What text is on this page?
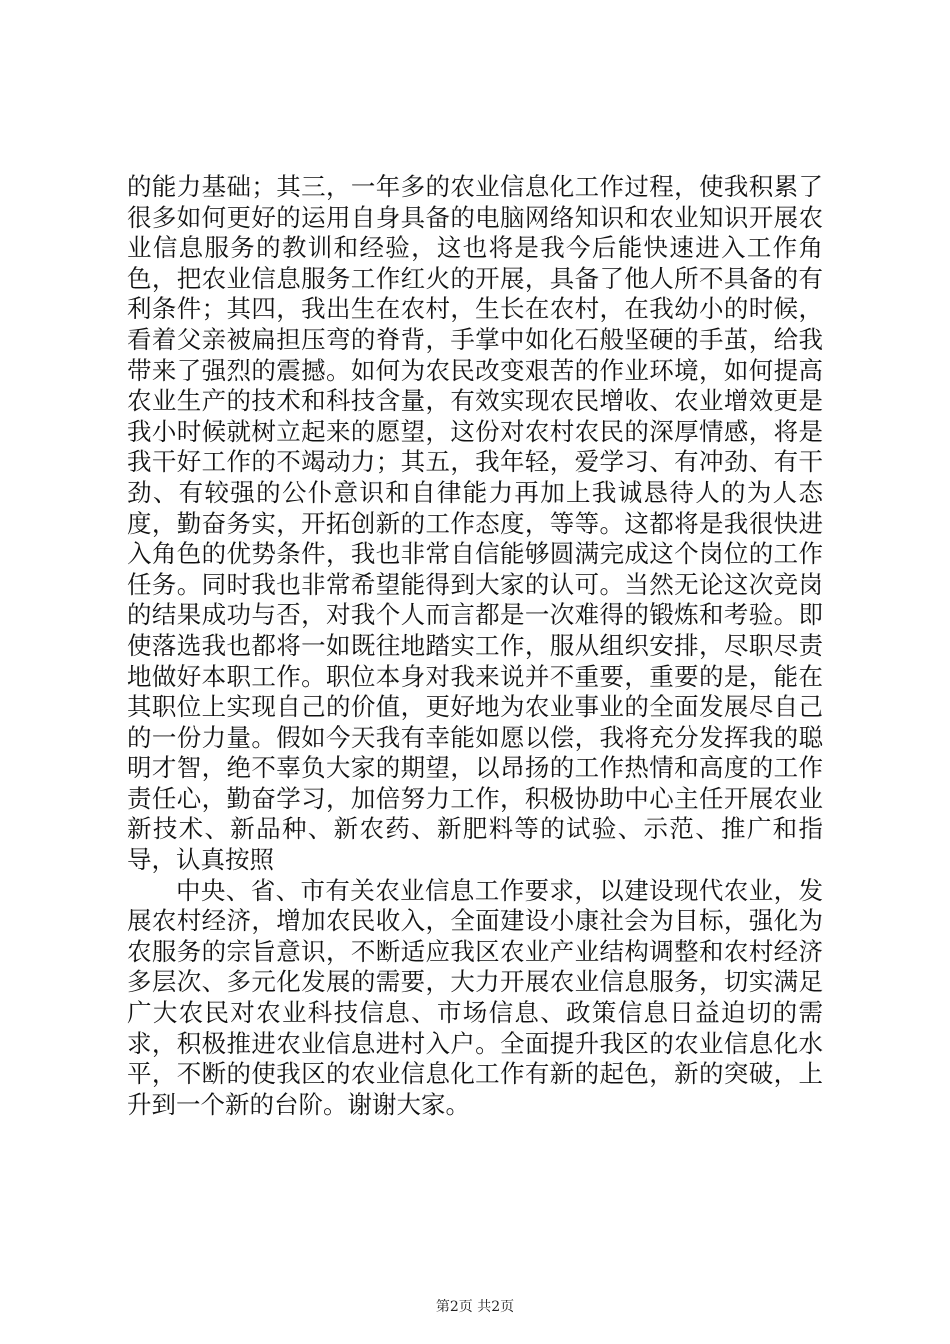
的能力基础；其三，一年多的农业信息化工作过程，使我积累了很多如何更好的运用自身具备的电脑网络知识和农业知识开展农业信息服务的教训和经验，这也将是我今后能快速进入工作角色，把农业信息服务工作红火的开展，具备了他人所不具备的有利条件；其四，我出生在农村，生长在农村，在我幼小的时候，看着父亲被扁担压弯的脊背，手掌中如化石般坚硬的手茧，给我带来了强烈的震撼。如何为农民改变艰苦的作业环境，如何提高农业生产的技术和科技含量，有效实现农民增收、农业增效更是我小时候就树立起来的愿望，这份对农村农民的深厚情感，将是我干好工作的不竭动力；其五，我年轻，爱学习、有冲劲、有干劲、有较强的公仆意识和自律能力再加上我诚恳待人的为人态度，勤奋务实，开拓创新的工作态度，等等。这都将是我很快进入角色的优势条件，我也非常自信能够圆满完成这个岗位的工作任务。同时我也非常希望能得到大家的认可。当然无论这次竞岗的结果成功与否，对我个人而言都是一次难得的锻炼和考验。即使落选我也都将一如既往地踏实工作，服从组织安排，尽职尽责地做好本职工作。职位本身对我来说并不重要，重要的是，能在其职位上实现自己的价值，更好地为农业事业的全面发展尽自己的一份力量。假如今天我有幸能如愿以偿，我将充分发挥我的聪明才智，绝不辜负大家的期望，以昂扬的工作热情和高度的工作责任心，勤奋学习，加倍努力工作，积极协助中心主任开展农业新技术、新品种、新农药、新肥料等的试验、示范、推广和指导，认真按照

中央、省、市有关农业信息工作要求，以建设现代农业，发展农村经济，增加农民收入，全面建设小康社会为目标，强化为农服务的宗旨意识，不断适应我区农业产业结构调整和农村经济多层次、多元化发展的需要，大力开展农业信息服务，切实满足广大农民对农业科技信息、市场信息、政策信息日益迫切的需求，积极推进农业信息进村入户。全面提升我区的农业信息化水平，不断的使我区的农业信息化工作有新的起色，新的突破，上升到一个新的台阶。谢谢大家。

第2页 共2页
